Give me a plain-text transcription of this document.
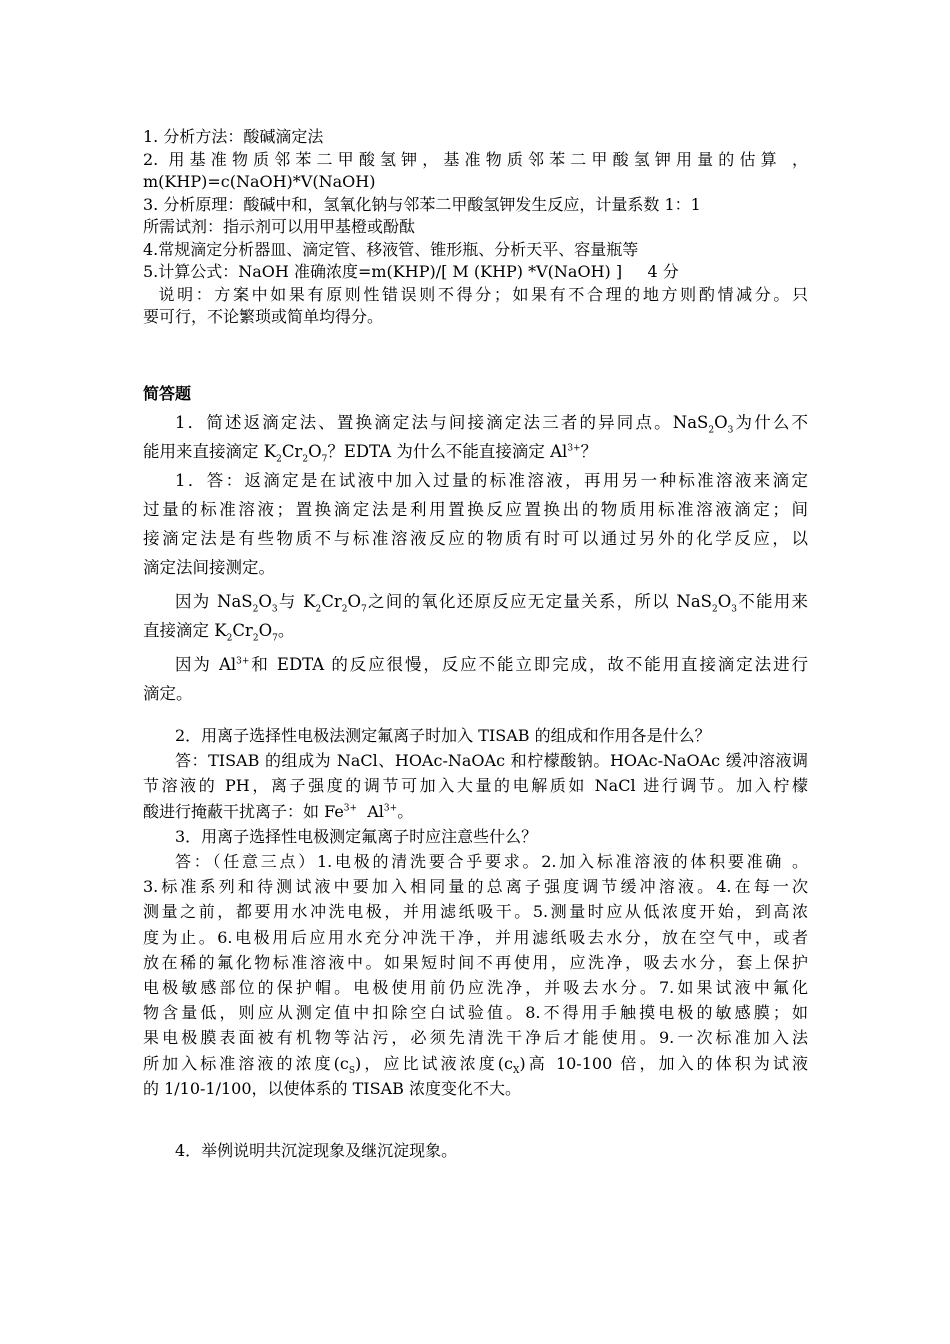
1. 分析方法：酸碱滴定法
2. 用基准物质邻苯二甲酸氢钾，基准物质邻苯二甲酸氢钾用量的估算 ，
m(KHP)=c(NaOH)*V(NaOH)
3. 分析原理：酸碱中和，氢氧化钠与邻苯二甲酸氢钾发生反应，计量系数 1：1
所需试剂：指示剂可以用甲基橙或酚酞
4.常规滴定分析器皿、滴定管、移液管、锥形瓶、分析天平、容量瓶等
5.计算公式：NaOH 准确浓度=m(KHP)/[ M (KHP) *V(NaOH) ]     4 分
说明：方案中如果有原则性错误则不得分；如果有不合理的地方则酌情减分。只
要可行，不论繁琐或简单均得分。
简答题
1．简述返滴定法、置换滴定法与间接滴定法三者的异同点。$NaS_2O_3$为什么不
能用来直接滴定 $K_2Cr_2O_7$？EDTA 为什么不能直接滴定 $Al^{3+}$？
1．答：返滴定是在试液中加入过量的标准溶液，再用另一种标准溶液来滴定
过量的标准溶液；置换滴定法是利用置换反应置换出的物质用标准溶液滴定；间
接滴定法是有些物质不与标准溶液反应的物质有时可以通过另外的化学反应，以
滴定法间接测定。
因为 $NaS_2O_3$与 $K_2Cr_2O_7$之间的氧化还原反应无定量关系，所以 $NaS_2O_3$不能用来
直接滴定 $K_2Cr_2O_7$。
因为 $Al^{3+}$和 EDTA 的反应很慢，反应不能立即完成，故不能用直接滴定法进行
滴定。
2．用离子选择性电极法测定氟离子时加入 TISAB 的组成和作用各是什么？
答：TISAB 的组成为 NaCl、HOAc-NaOAc 和柠檬酸钠。HOAc-NaOAc 缓冲溶液调
节溶液的 PH，离子强度的调节可加入大量的电解质如 NaCl 进行调节。加入柠檬
酸进行掩蔽干扰离子：如 $Fe^{3+}$  $Al^{3+}$。
3．用离子选择性电极测定氟离子时应注意些什么？
答：（任意三点）1.电极的清洗要合乎要求。2.加入标准溶液的体积要准确 。
3.标准系列和待测试液中要加入相同量的总离子强度调节缓冲溶液。4.在每一次
测量之前，都要用水冲洗电极，并用滤纸吸干。5.测量时应从低浓度开始，到高浓
度为止。6.电极用后应用水充分冲洗干净，并用滤纸吸去水分，放在空气中，或者
放在稀的氟化物标准溶液中。如果短时间不再使用，应洗净，吸去水分，套上保护
电极敏感部位的保护帽。电极使用前仍应洗净，并吸去水分。7.如果试液中氟化
物含量低，则应从测定值中扣除空白试验值。8.不得用手触摸电极的敏感膜；如
果电极膜表面被有机物等沾污，必须先清洗干净后才能使用。9.一次标准加入法
所加入标准溶液的浓度$(c_S)$，应比试液浓度$(c_X)$高 10-100 倍，加入的体积为试液
的 1/10-1/100，以使体系的 TISAB 浓度变化不大。
4．举例说明共沉淀现象及继沉淀现象。
